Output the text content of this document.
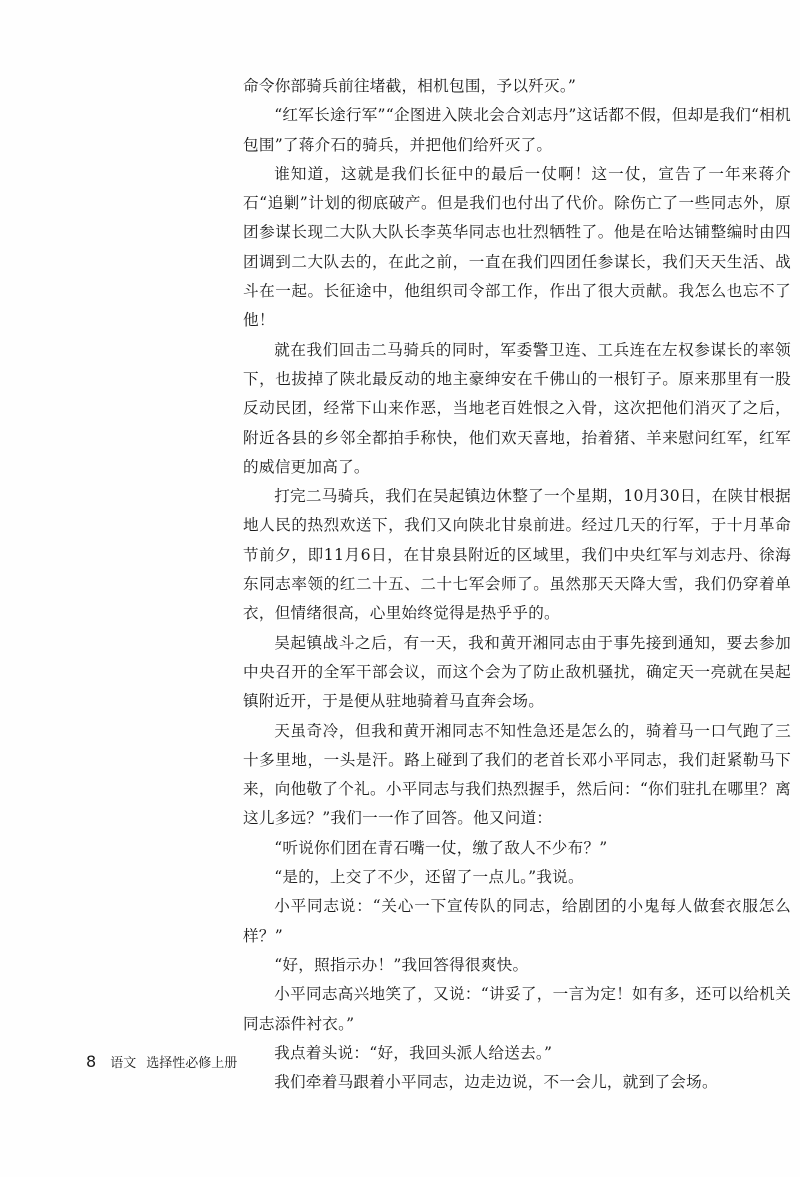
命令你部骑兵前往堵截，相机包围，予以歼灭。”

“红军长途行军”“企图进入陕北会合刘志丹”这话都不假，但却是我们“相机包围”了蒋介石的骑兵，并把他们给歼灭了。

谁知道，这就是我们长征中的最后一仗啊！这一仗，宣告了一年来蒋介石“追剿”计划的彻底破产。但是我们也付出了代价。除伤亡了一些同志外，原团参谋长现二大队大队长李英华同志也壮烈牺牲了。他是在哈达铺整编时由四团调到二大队去的，在此之前，一直在我们四团任参谋长，我们天天生活、战斗在一起。长征途中，他组织司令部工作，作出了很大贡献。我怎么也忘不了他！

就在我们回击二马骑兵的同时，军委警卫连、工兵连在左权参谋长的率领下，也拔掉了陕北最反动的地主豪绅安在千佛山的一根钉子。原来那里有一股反动民团，经常下山来作恶，当地老百姓恨之入骨，这次把他们消灭了之后，附近各县的乡邻全都拍手称快，他们欢天喜地，抬着猪、羊来慰问红军，红军的威信更加高了。

打完二马骑兵，我们在吴起镇边休整了一个星期，10月30日，在陕甘根据地人民的热烈欢送下，我们又向陕北甘泉前进。经过几天的行军，于十月革命节前夕，即11月6日，在甘泉县附近的区域里，我们中央红军与刘志丹、徐海东同志率领的红二十五、二十七军会师了。虽然那天天降大雪，我们仍穿着单衣，但情绪很高，心里始终觉得是热乎乎的。

吴起镇战斗之后，有一天，我和黄开湘同志由于事先接到通知，要去参加中央召开的全军干部会议，而这个会为了防止敌机骚扰，确定天一亮就在吴起镇附近开，于是便从驻地骑着马直奔会场。

天虽奇冷，但我和黄开湘同志不知性急还是怎么的，骑着马一口气跑了三十多里地，一头是汗。路上碰到了我们的老首长邓小平同志，我们赶紧勒马下来，向他敬了个礼。小平同志与我们热烈握手，然后问：“你们驻扎在哪里？离这儿多远？”我们一一作了回答。他又问道：

“听说你们团在青石嘴一仗，缴了敌人不少布？”

“是的，上交了不少，还留了一点儿。”我说。

小平同志说：“关心一下宣传队的同志，给剧团的小鬼每人做套衣服怎么样？”

“好，照指示办！”我回答得很爽快。

小平同志高兴地笑了，又说：“讲妥了，一言为定！如有多，还可以给机关同志添件衬衣。”

我点着头说：“好，我回头派人给送去。”

我们牵着马跟着小平同志，边走边说，不一会儿，就到了会场。

8 语文 选择性必修上册
